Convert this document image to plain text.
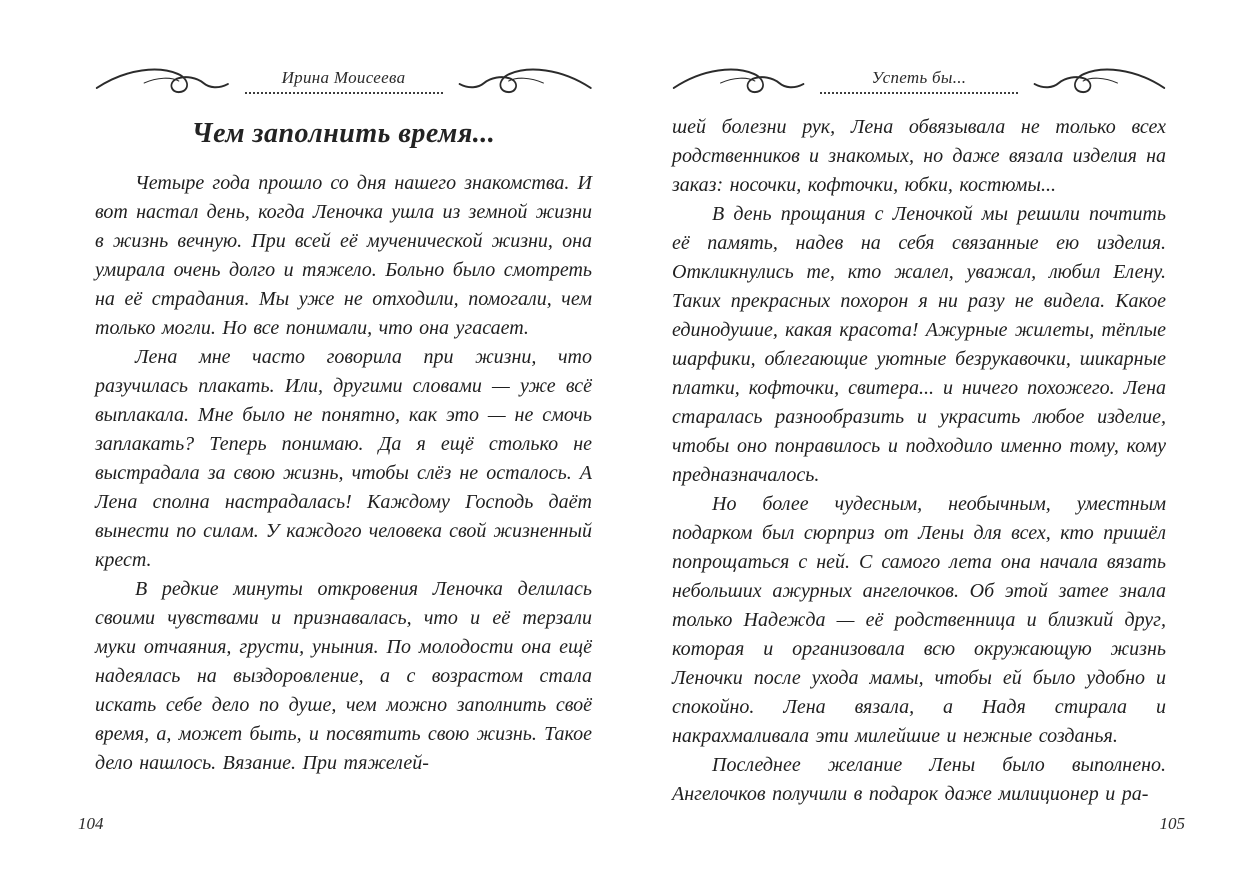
Ирина Моисеева
Чем заполнить время...

Четыре года прошло со дня нашего знакомства. И вот настал день, когда Леночка ушла из земной жизни в жизнь вечную. При всей её мученической жизни, она умирала очень долго и тяжело. Больно было смотреть на её страдания. Мы уже не отходили, помогали, чем только могли. Но все понимали, что она угасает.

Лена мне часто говорила при жизни, что разучилась плакать. Или, другими словами — уже всё выплакала. Мне было не понятно, как это — не смочь заплакать? Теперь понимаю. Да я ещё столько не выстрадала за свою жизнь, чтобы слёз не осталось. А Лена сполна настрадалась! Каждому Господь даёт вынести по силам. У каждого человека свой жизненный крест.

В редкие минуты откровения Леночка делилась своими чувствами и признавалась, что и её терзали муки отчаяния, грусти, уныния. По молодости она ещё надеялась на выздоровление, а с возрастом стала искать себе дело по душе, чем можно заполнить своё время, а, может быть, и посвятить свою жизнь. Такое дело нашлось. Вязание. При тяжелей-

Успеть бы...

шей болезни рук, Лена обвязывала не только всех родственников и знакомых, но даже вязала изделия на заказ: носочки, кофточки, юбки, костюмы...

В день прощания с Леночкой мы решили почтить её память, надев на себя связанные ею изделия. Откликнулись те, кто жалел, уважал, любил Елену. Таких прекрасных похорон я ни разу не видела. Какое единодушие, какая красота! Ажурные жилеты, тёплые шарфики, облегающие уютные безрукавочки, шикарные платки, кофточки, свитера... и ничего похожего. Лена старалась разнообразить и украсить любое изделие, чтобы оно понравилось и подходило именно тому, кому предназначалось.

Но более чудесным, необычным, уместным подарком был сюрприз от Лены для всех, кто пришёл попрощаться с ней. С самого лета она начала вязать небольших ажурных ангелочков. Об этой затее знала только Надежда — её родственница и близкий друг, которая и организовала всю окружающую жизнь Леночки после ухода мамы, чтобы ей было удобно и спокойно. Лена вязала, а Надя стирала и накрахмаливала эти милейшие и нежные созданья.

Последнее желание Лены было выполнено. Ангелочков получили в подарок даже милиционер и ра-

104	105
